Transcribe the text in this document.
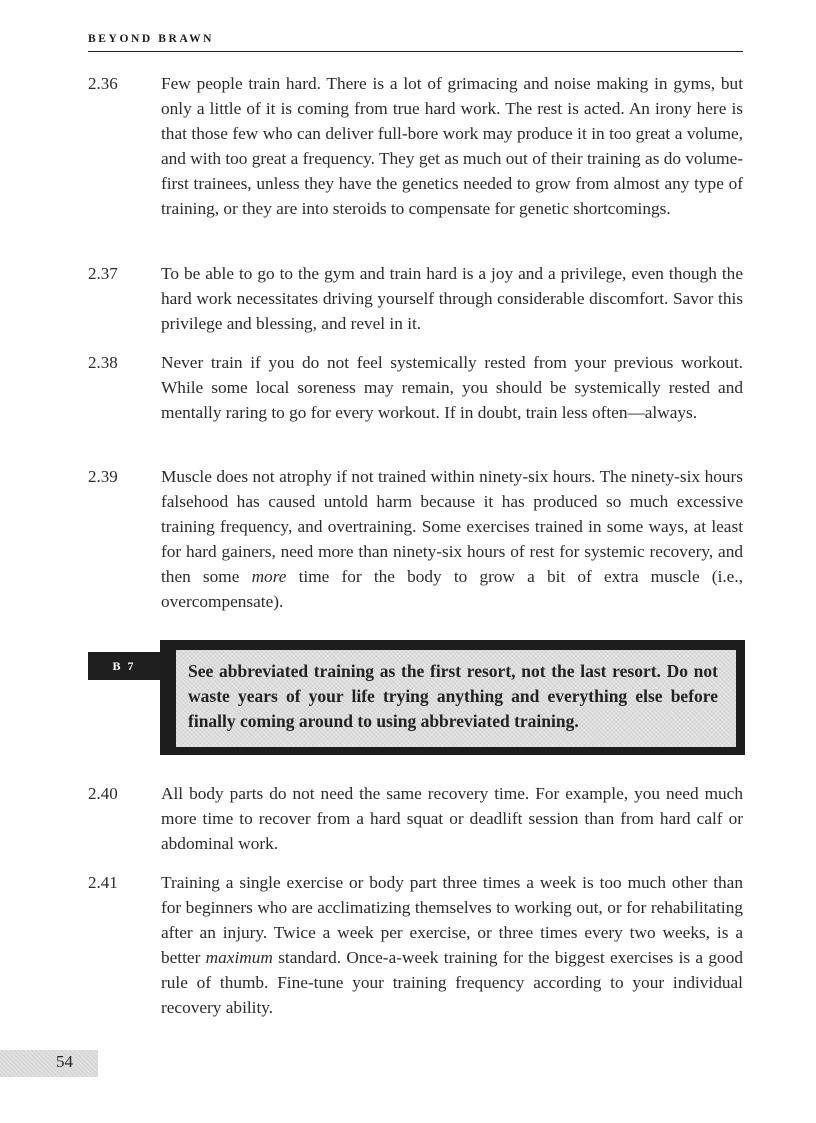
BEYOND BRAWN
2.36	Few people train hard. There is a lot of grimacing and noise making in gyms, but only a little of it is coming from true hard work. The rest is acted. An irony here is that those few who can deliver full-bore work may produce it in too great a volume, and with too great a frequency. They get as much out of their training as do volume-first trainees, unless they have the genetics needed to grow from almost any type of training, or they are into steroids to compensate for genetic shortcomings.
2.37	To be able to go to the gym and train hard is a joy and a privilege, even though the hard work necessitates driving yourself through considerable discomfort. Savor this privilege and blessing, and revel in it.
2.38	Never train if you do not feel systemically rested from your previous workout. While some local soreness may remain, you should be systemically rested and mentally raring to go for every workout. If in doubt, train less often—always.
2.39	Muscle does not atrophy if not trained within ninety-six hours. The ninety-six hours falsehood has caused untold harm because it has produced so much excessive training frequency, and overtraining. Some exercises trained in some ways, at least for hard gainers, need more than ninety-six hours of rest for systemic recovery, and then some more time for the body to grow a bit of extra muscle (i.e., overcompensate).
B 7	See abbreviated training as the first resort, not the last resort. Do not waste years of your life trying anything and everything else before finally coming around to using abbreviated training.
2.40	All body parts do not need the same recovery time. For example, you need much more time to recover from a hard squat or deadlift session than from hard calf or abdominal work.
2.41	Training a single exercise or body part three times a week is too much other than for beginners who are acclimatizing themselves to working out, or for rehabilitating after an injury. Twice a week per exercise, or three times every two weeks, is a better maximum standard. Once-a-week training for the biggest exercises is a good rule of thumb. Fine-tune your training frequency according to your individual recovery ability.
54
